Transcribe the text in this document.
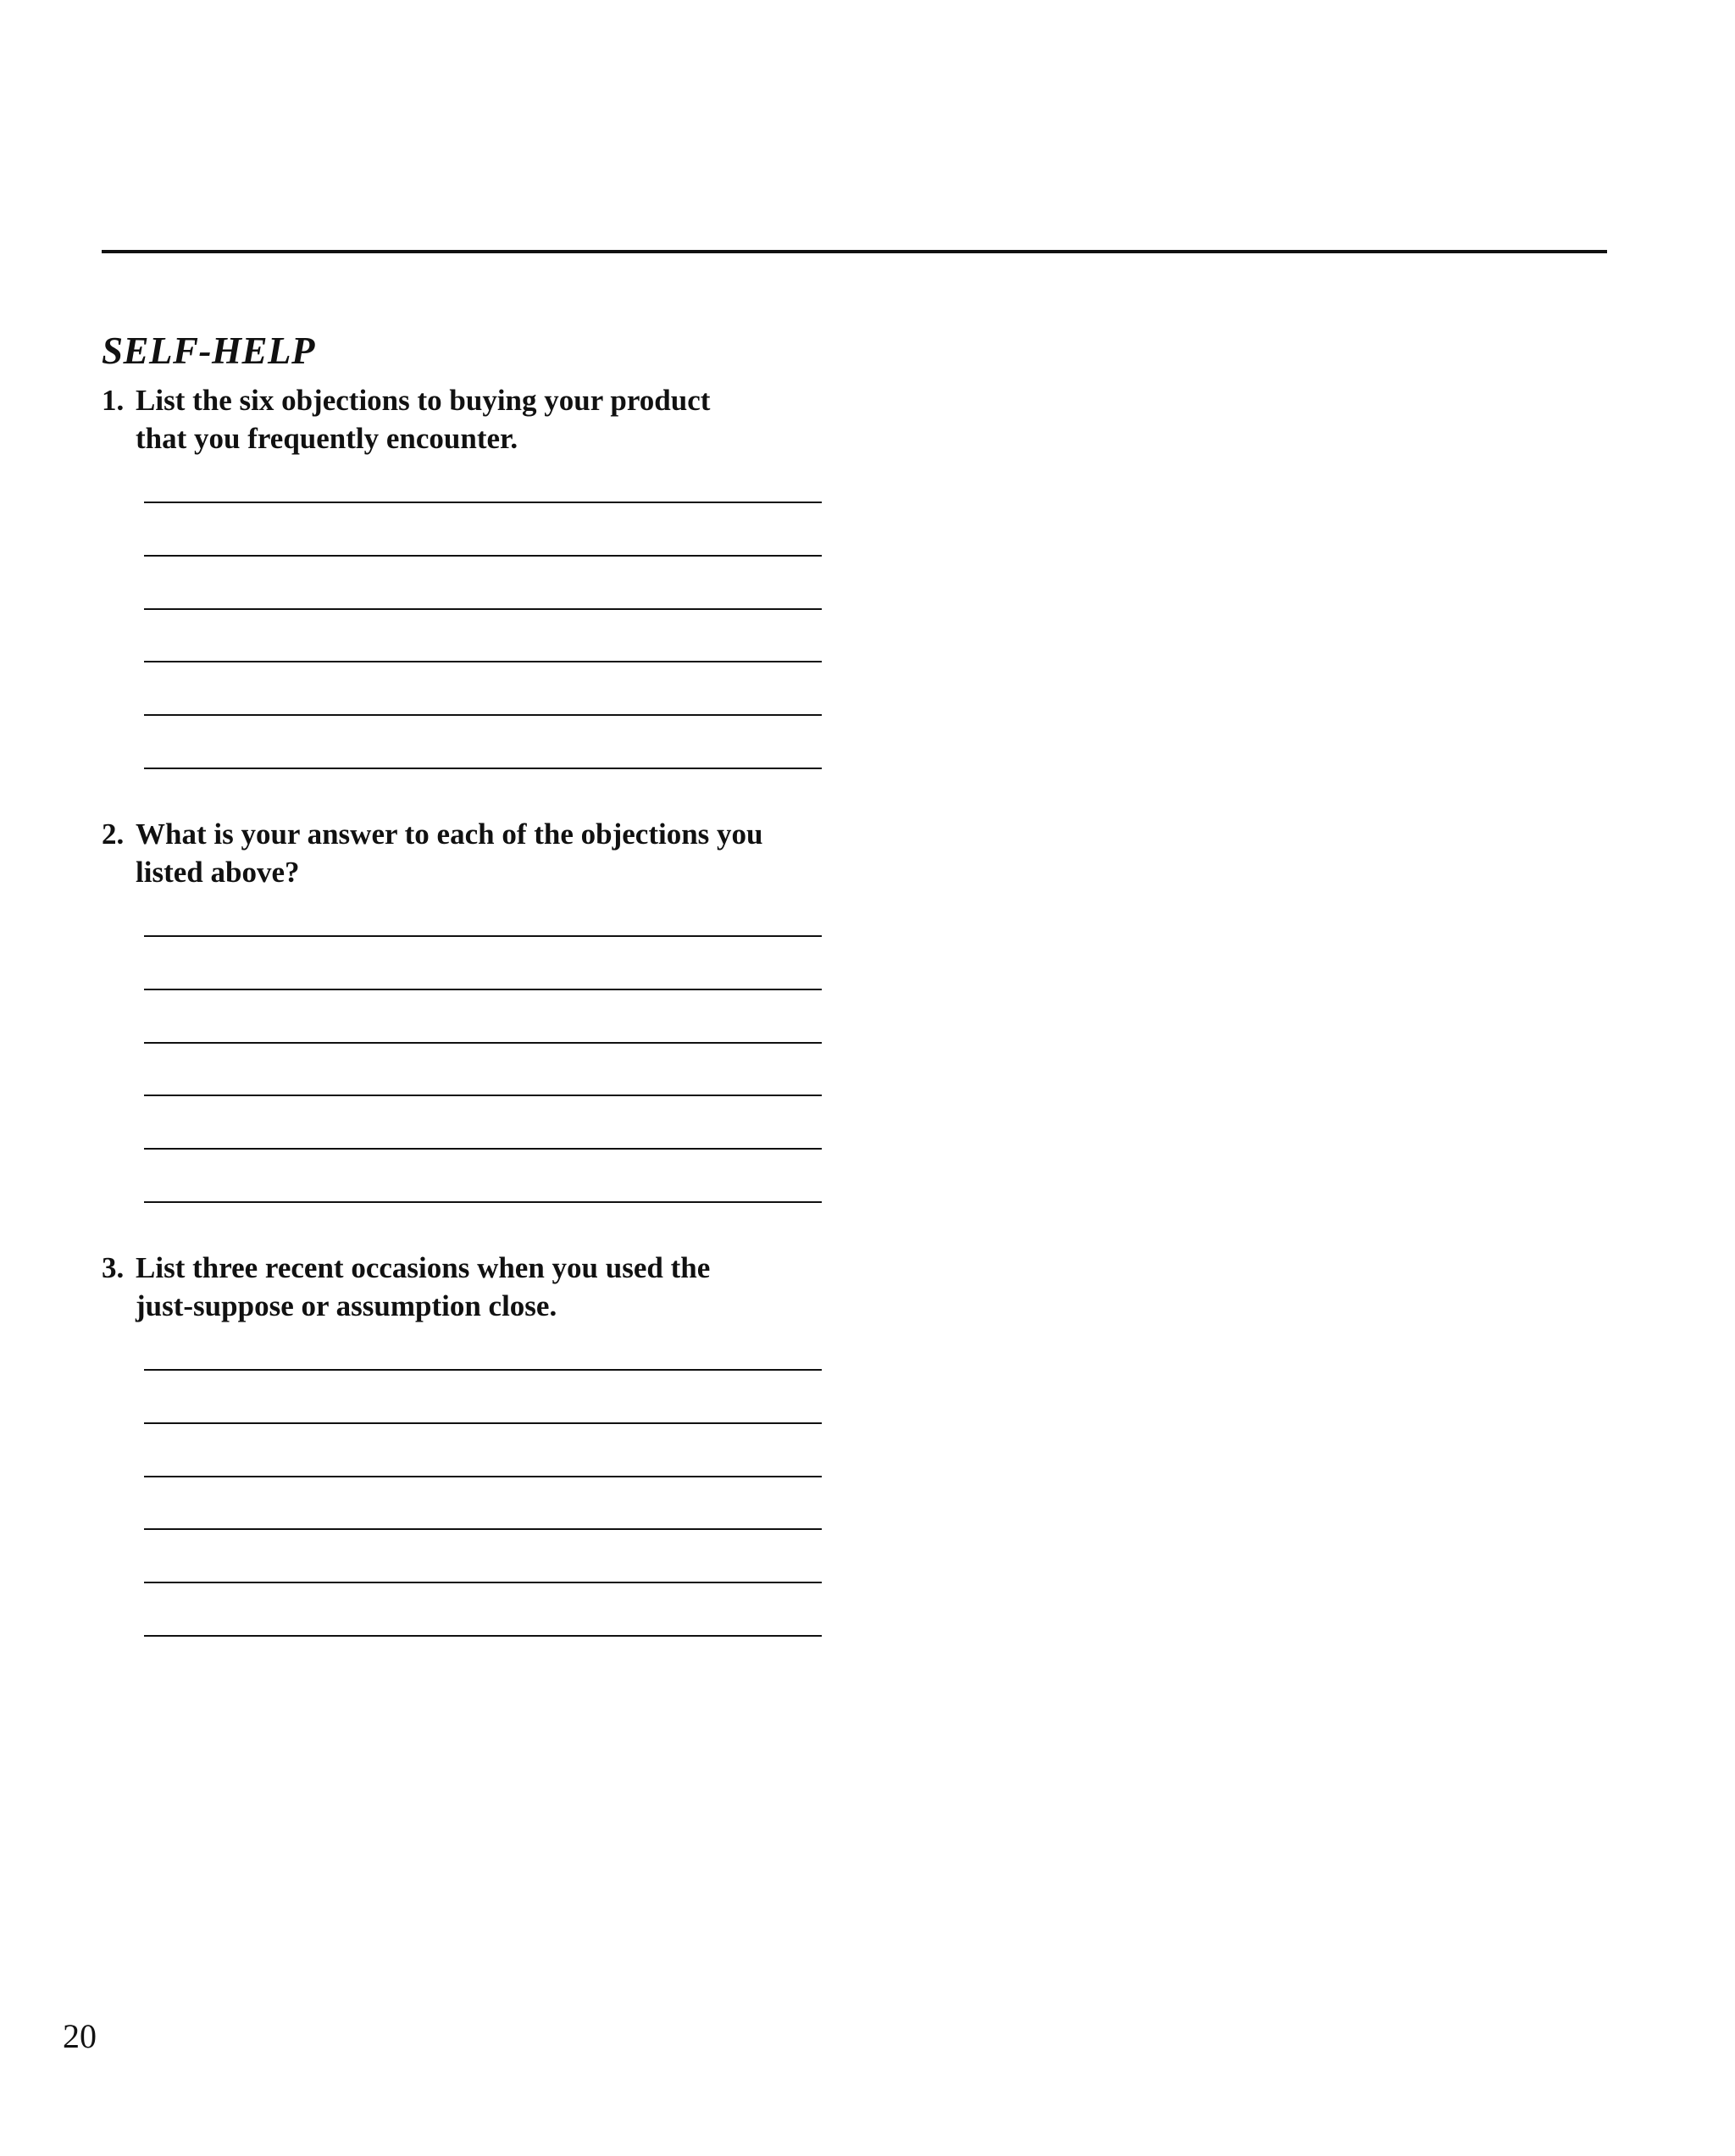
SELF-HELP
1. List the six objections to buying your product
that you frequently encounter.
2. What is your answer to each of the objections you
listed above?
3. List three recent occasions when you used the
just-suppose or assumption close.
20
